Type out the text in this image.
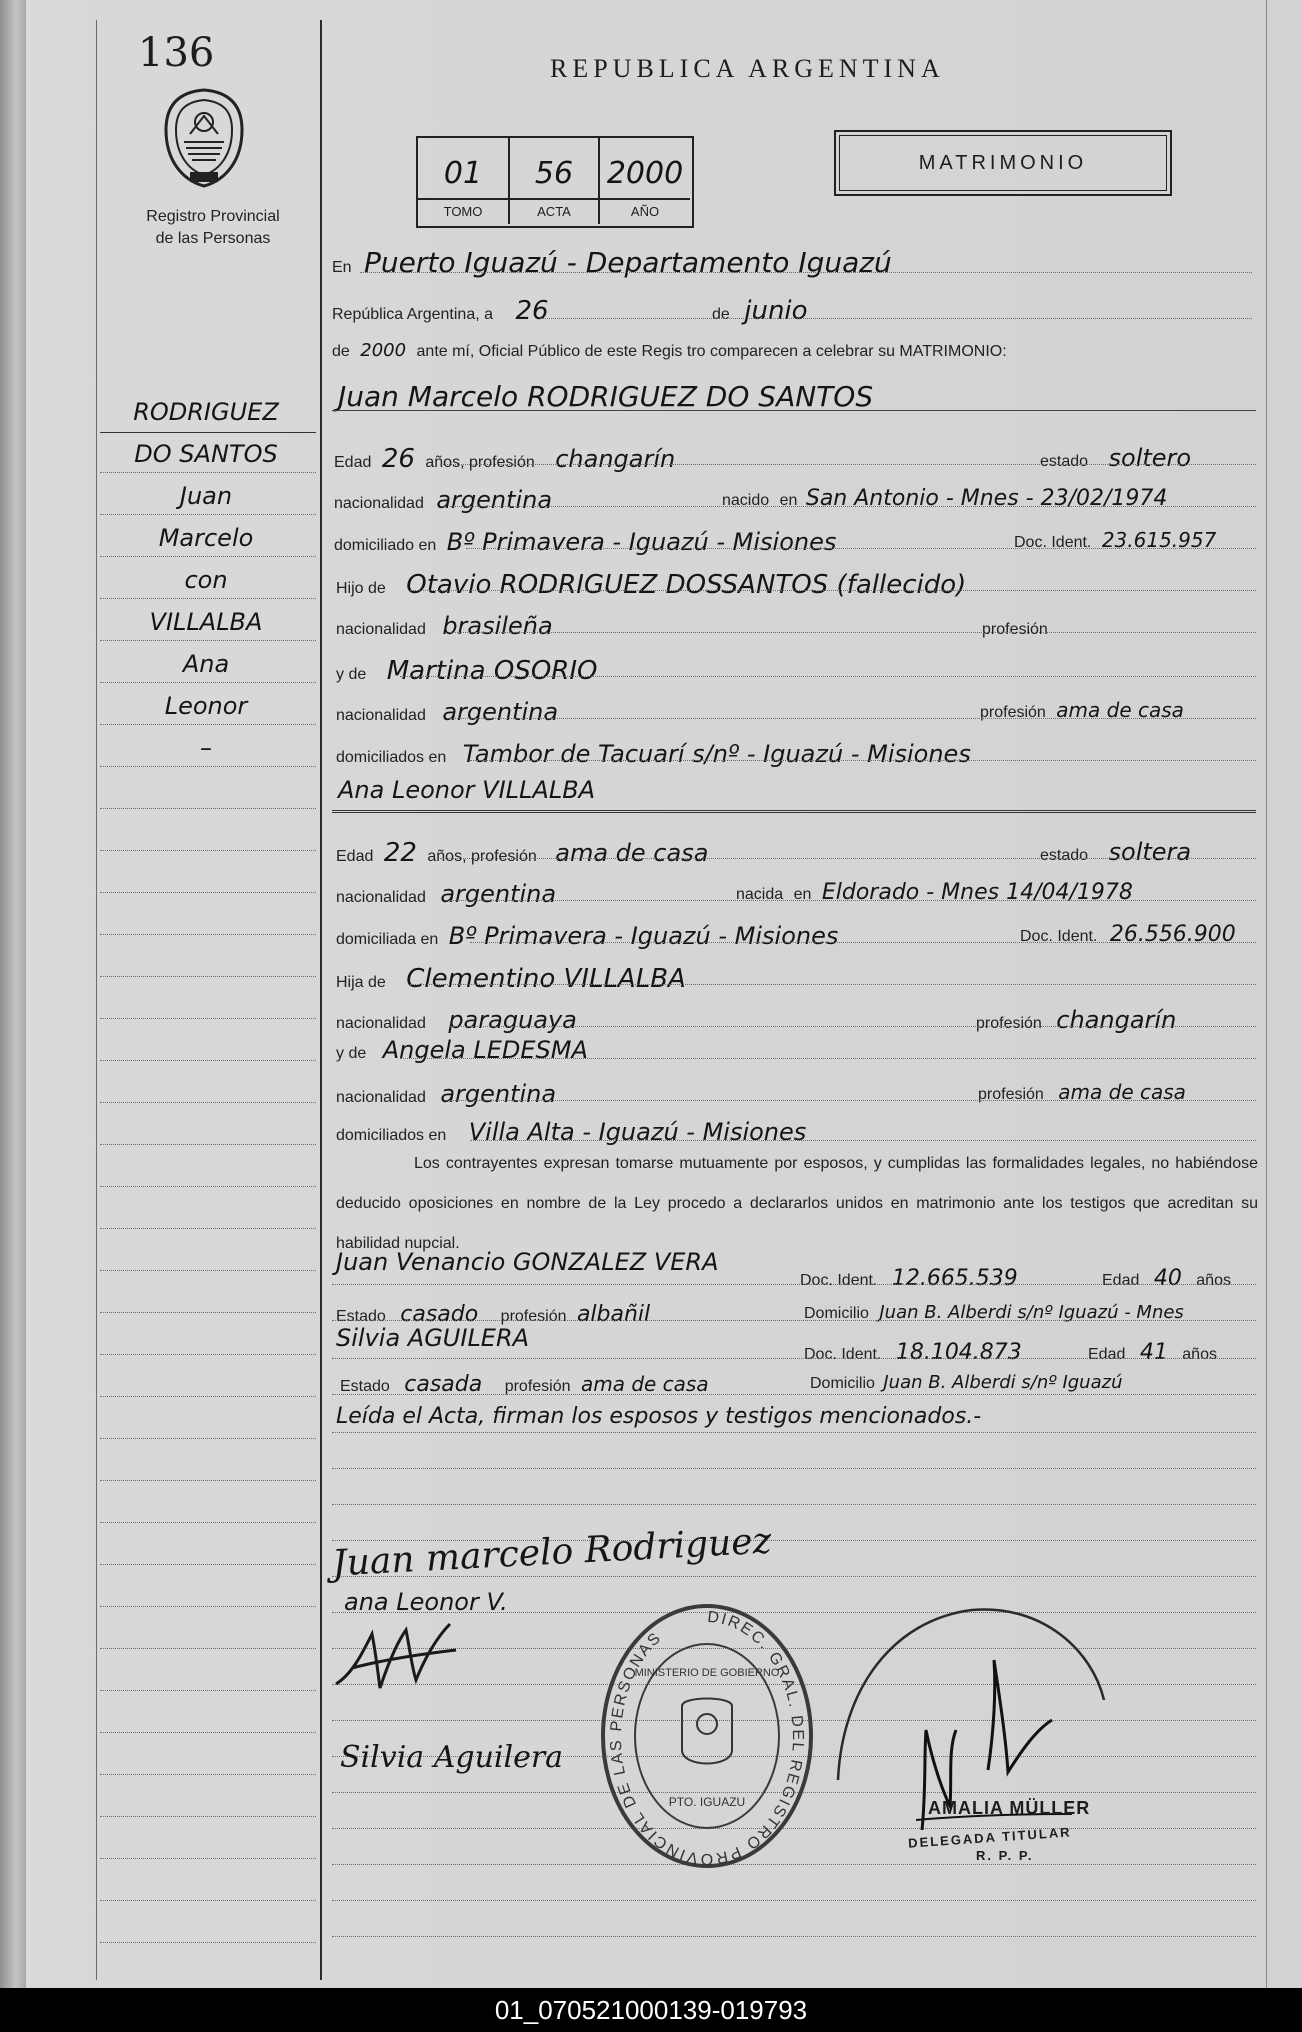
136
Registro Provincial
de las Personas
REPUBLICA ARGENTINA
01
TOMO
56
ACTA
2000
AÑO
MATRIMONIO
RODRIGUEZ
DO SANTOS
Juan
Marcelo
con
VILLALBA
Ana
Leonor
–
En Puerto Iguazú - Departamento Iguazú
República Argentina, a 26	de junio
de 2000 ante mí, Oficial Público de este Regis tro comparecen a celebrar su MATRIMONIO:
Juan Marcelo RODRIGUEZ DO SANTOS
Edad 26 años, profesión changarín	estado soltero
nacionalidad argentina	nacido en San Antonio - Mnes - 23/02/1974
domiciliado en Bº Primavera - Iguazú - Misiones	Doc. Ident. 23.615.957
Hijo de Otavio RODRIGUEZ DOSSANTOS (fallecido)
nacionalidad brasileña	profesión
y de Martina OSORIO
nacionalidad argentina	profesión ama de casa
domiciliados en Tambor de Tacuarí s/nº - Iguazú - Misiones
Ana Leonor VILLALBA
Edad 22 años, profesión ama de casa	estado soltera
nacionalidad argentina	nacida en Eldorado - Mnes 14/04/1978
domiciliada en Bº Primavera - Iguazú - Misiones	Doc. Ident. 26.556.900
Hija de Clementino VILLALBA
nacionalidad paraguaya	profesión changarín
y de Angela LEDESMA
nacionalidad argentina	profesión ama de casa
domiciliados en Villa Alta - Iguazú - Misiones
Los contrayentes expresan tomarse mutuamente por esposos, y cumplidas las formalidades legales, no habiéndose deducido oposiciones en nombre de la Ley procedo a declararlos unidos en matrimonio ante los testigos que acreditan su habilidad nupcial.
Juan Venancio GONZALEZ VERA
Doc. Ident. 12.665.539	Edad 40 años
Estado casado profesión albañil	Domicilio Juan B. Alberdi s/nº Iguazú - Mnes
Silvia AGUILERA
Doc. Ident. 18.104.873	Edad 41 años
Estado casada profesión ama de casa	Domicilio Juan B. Alberdi s/nº Iguazú
Leída el Acta, firman los esposos y testigos mencionados.-
Juan marcelo Rodriguez
ana Leonor V.
Silvia Aguilera
DIREC. GRAL. DEL REGISTRO PROVINCIAL DE LAS PERSONAS
MINISTERIO DE GOBIERNO
PTO. IGUAZU	AMALIA MÜLLER
DELEGADA TITULAR
R. P. P.
01_070521000139-019793
